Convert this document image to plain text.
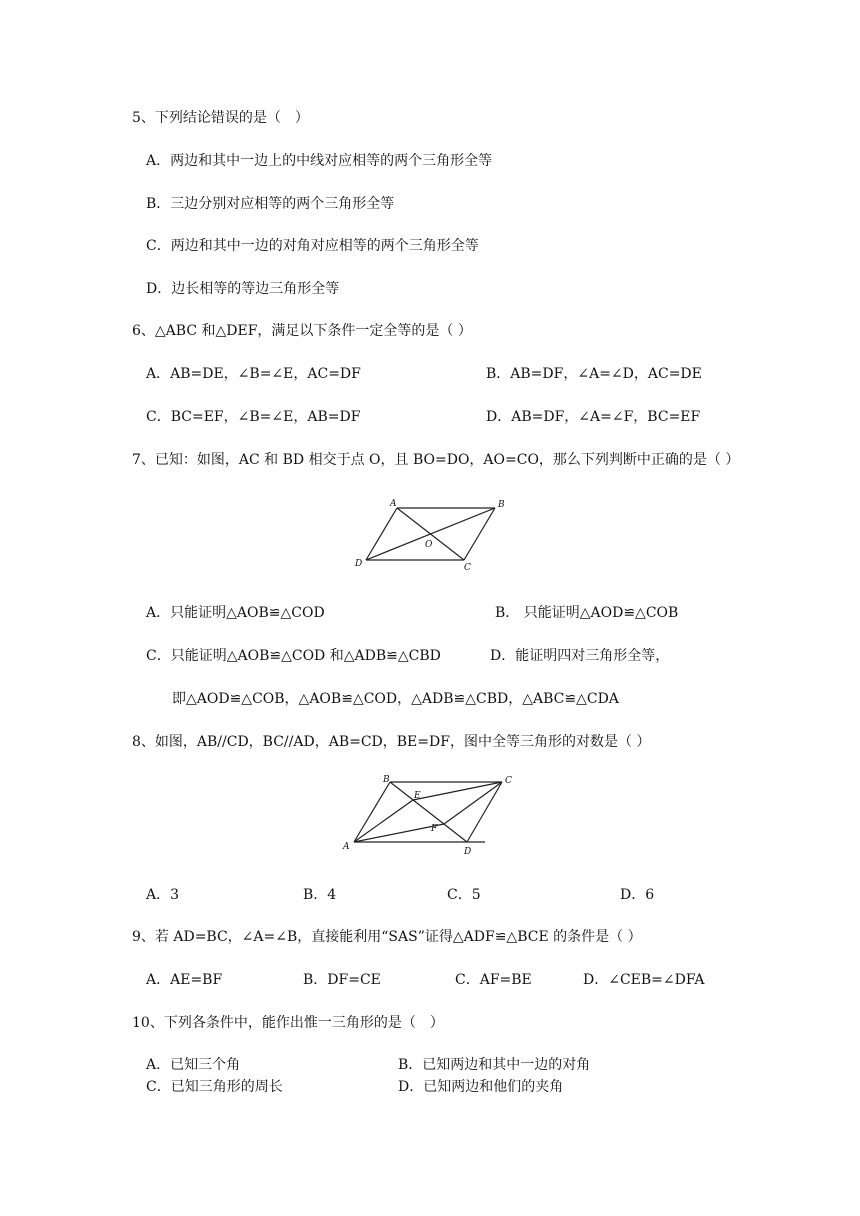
5、下列结论错误的是（　）
A．两边和其中一边上的中线对应相等的两个三角形全等
B．三边分别对应相等的两个三角形全等
C．两边和其中一边的对角对应相等的两个三角形全等
D．边长相等的等边三角形全等
6、△ABC 和△DEF，满足以下条件一定全等的是（ ）
A．AB=DE，∠B=∠E，AC=DF	B．AB=DF，∠A=∠D，AC=DE
C．BC=EF，∠B=∠E，AB=DF	D．AB=DF，∠A=∠F，BC=EF
7、已知：如图，AC 和 BD 相交于点 O，且 BO=DO，AO=CO，那么下列判断中正确的是（ ）
A	B
O
D	C
A．只能证明△AOB≌△COD	B． 只能证明△AOD≌△COB
C．只能证明△AOB≌△COD 和△ADB≌△CBD	D．能证明四对三角形全等，
即△AOD≌△COB，△AOB≌△COD，△ADB≌△CBD，△ABC≌△CDA
8、如图，AB//CD，BC//AD，AB=CD，BE=DF，图中全等三角形的对数是（ ）
B	C
E
F
A	D
A．3	B．4	C．5	D．6
9、若 AD=BC，∠A=∠B，直接能利用“SAS”证得△ADF≌△BCE 的条件是（ ）
A．AE=BF	B．DF=CE	C．AF=BE	D．∠CEB=∠DFA
10、下列各条件中，能作出惟一三角形的是（　）
A．已知三个角	B．已知两边和其中一边的对角
C．已知三角形的周长	D．已知两边和他们的夹角
